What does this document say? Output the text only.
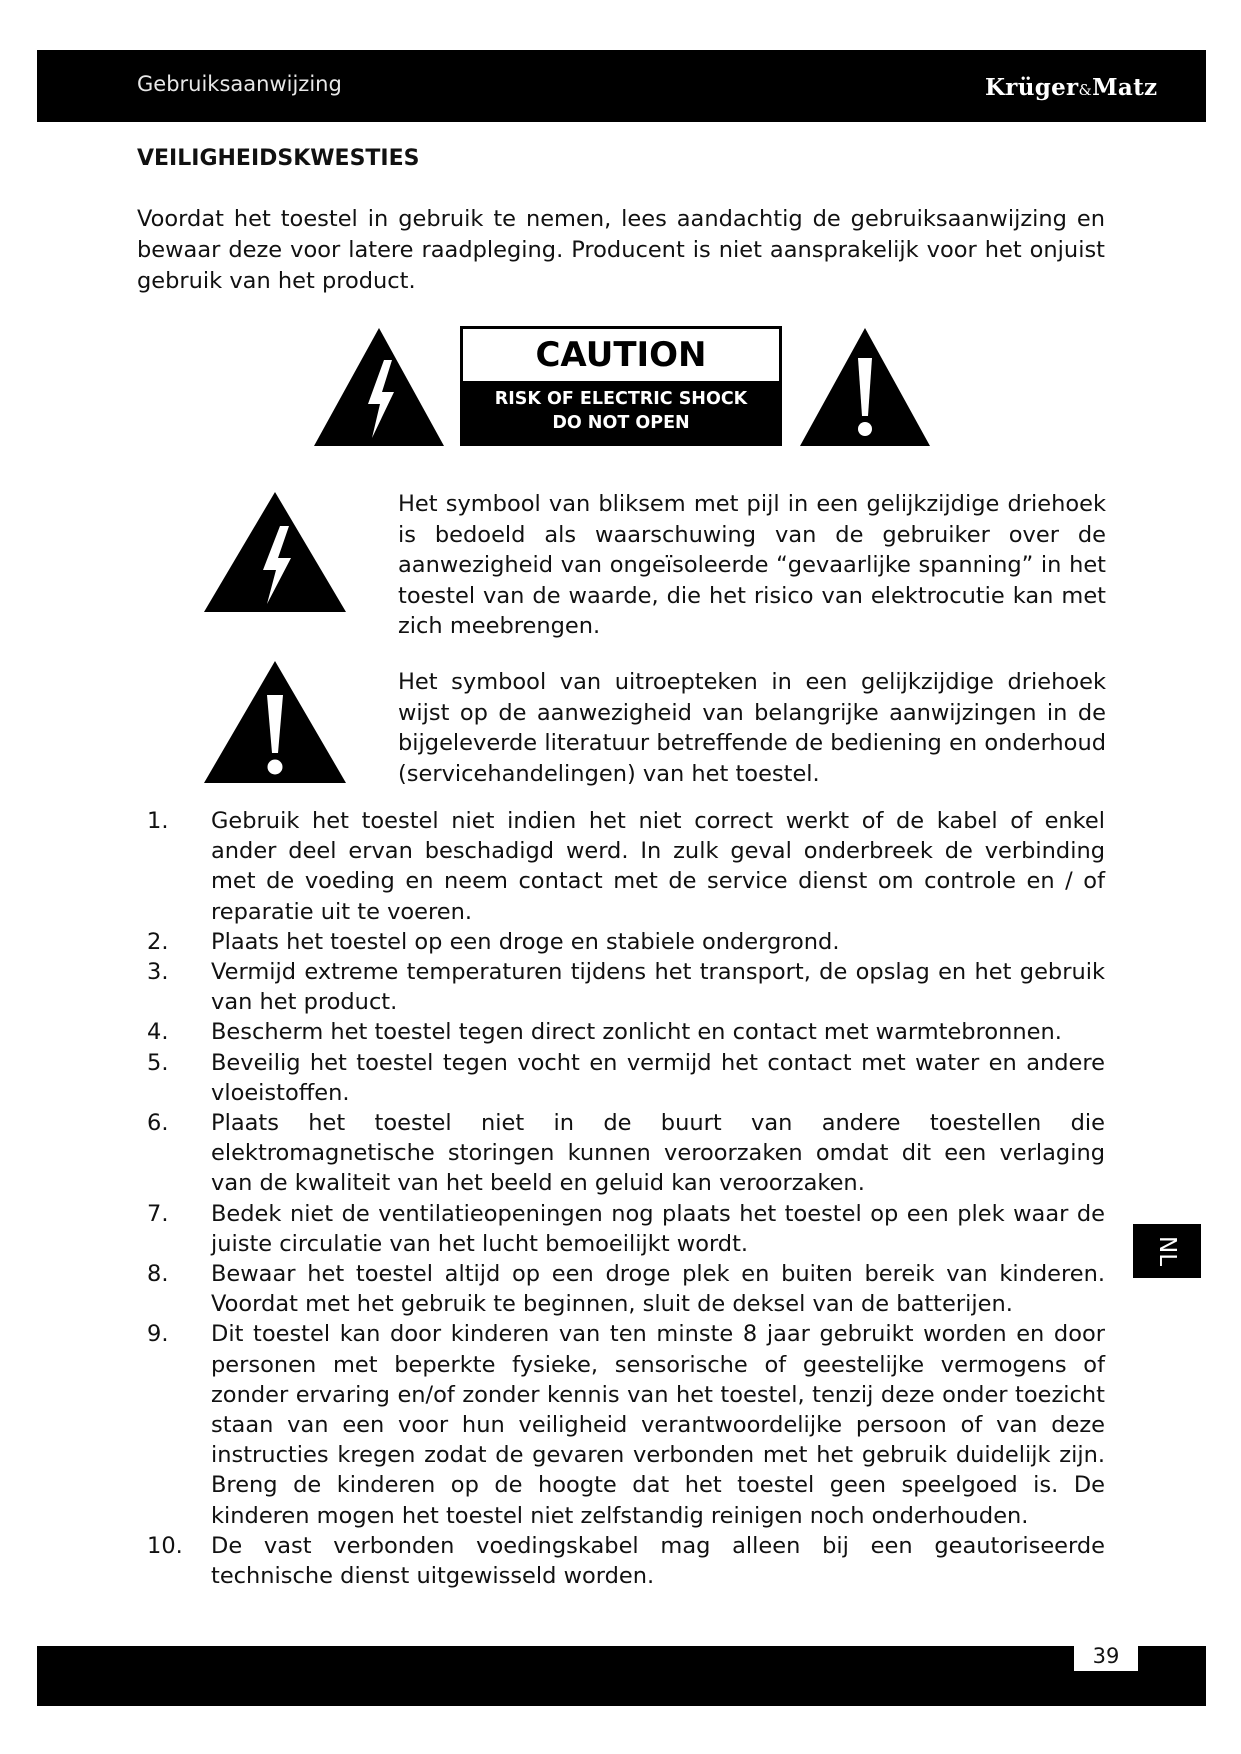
Gebruiksaanwijzing	Krüger&Matz
VEILIGHEIDSKWESTIES

Voordat het toestel in gebruik te nemen, lees aandachtig de gebruiksaanwijzing en bewaar deze voor latere raadpleging. Producent is niet aansprakelijk voor het onjuist gebruik van het product.

CAUTION
RISK OF ELECTRIC SHOCK
DO NOT OPEN

Het symbool van bliksem met pijl in een gelijkzijdige driehoek is bedoeld als waarschuwing van de gebruiker over de aanwezigheid van ongeïsoleerde “gevaarlijke spanning” in het toestel van de waarde, die het risico van elektrocutie kan met zich meebrengen.

Het symbool van uitroepteken in een gelijkzijdige driehoek wijst op de aanwezigheid van belangrijke aanwijzingen in de bijgeleverde literatuur betreffende de bediening en onderhoud (servicehandelingen) van het toestel.

1. Gebruik het toestel niet indien het niet correct werkt of de kabel of enkel ander deel ervan beschadigd werd. In zulk geval onderbreek de verbinding met de voeding en neem contact met de service dienst om controle en / of reparatie uit te voeren.
2. Plaats het toestel op een droge en stabiele ondergrond.
3. Vermijd extreme temperaturen tijdens het transport, de opslag en het gebruik van het product.
4. Bescherm het toestel tegen direct zonlicht en contact met warmtebronnen.
5. Beveilig het toestel tegen vocht en vermijd het contact met water en andere vloeistoffen.
6. Plaats het toestel niet in de buurt van andere toestellen die elektromagnetische storingen kunnen veroorzaken omdat dit een verlaging van de kwaliteit van het beeld en geluid kan veroorzaken.
7. Bedek niet de ventilatieopeningen nog plaats het toestel op een plek waar de juiste circulatie van het lucht bemoeilijkt wordt.
8. Bewaar het toestel altijd op een droge plek en buiten bereik van kinderen. Voordat met het gebruik te beginnen, sluit de deksel van de batterijen.
9. Dit toestel kan door kinderen van ten minste 8 jaar gebruikt worden en door personen met beperkte fysieke, sensorische of geestelijke vermogens of zonder ervaring en/of zonder kennis van het toestel, tenzij deze onder toezicht staan van een voor hun veiligheid verantwoordelijke persoon of van deze instructies kregen zodat de gevaren verbonden met het gebruik duidelijk zijn. Breng de kinderen op de hoogte dat het toestel geen speelgoed is. De kinderen mogen het toestel niet zelfstandig reinigen noch onderhouden.
10. De vast verbonden voedingskabel mag alleen bij een geautoriseerde technische dienst uitgewisseld worden.
NL
39
